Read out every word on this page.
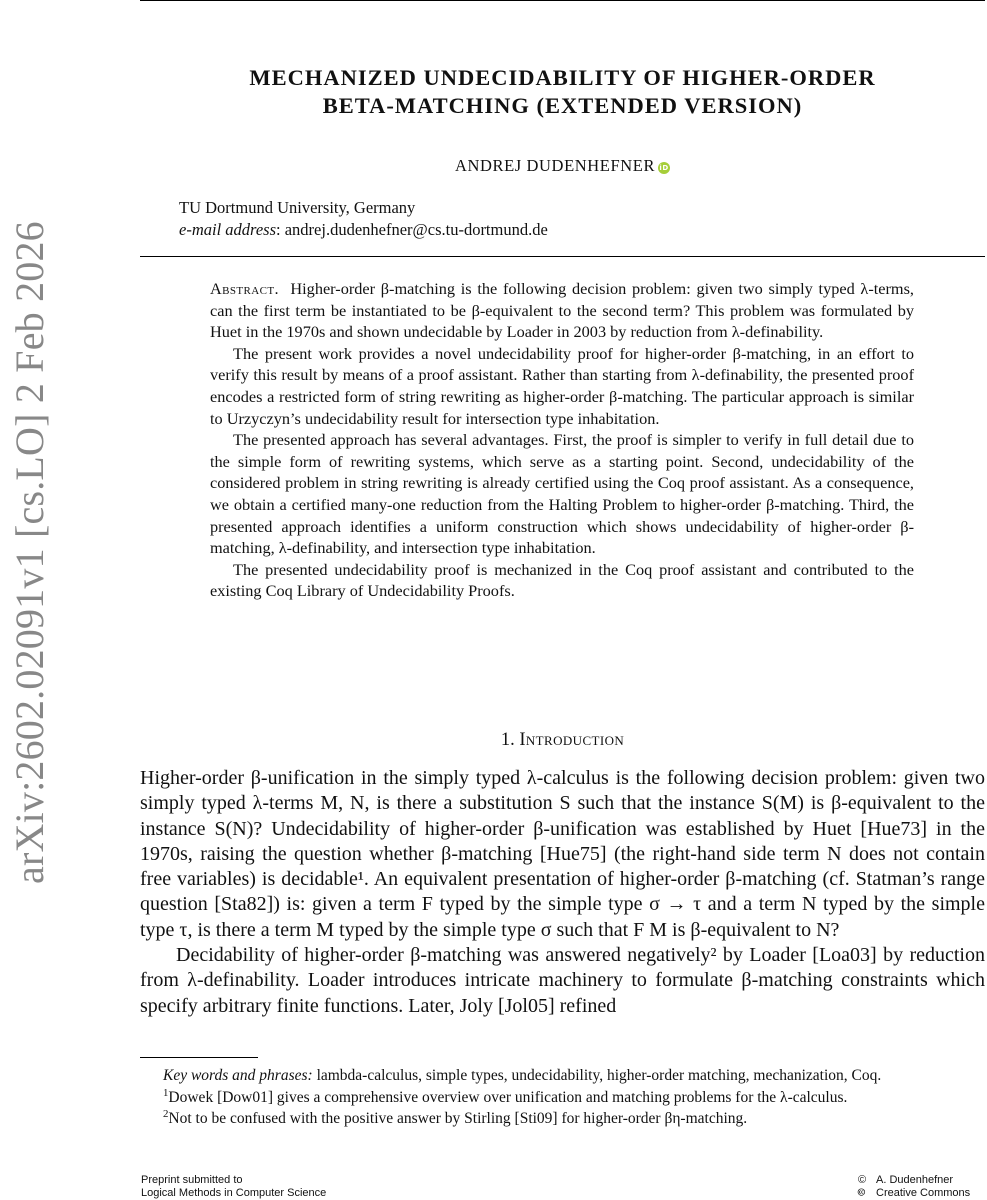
arXiv:2602.02091v1 [cs.LO] 2 Feb 2026
MECHANIZED UNDECIDABILITY OF HIGHER-ORDER
BETA-MATCHING (EXTENDED VERSION)
ANDREJ DUDENHEFNER iD
TU Dortmund University, Germany
e-mail address: andrej.dudenhefner@cs.tu-dortmund.de

Abstract. Higher-order β-matching is the following decision problem: given two simply typed λ-terms, can the first term be instantiated to be β-equivalent to the second term? This problem was formulated by Huet in the 1970s and shown undecidable by Loader in 2003 by reduction from λ-definability.

The present work provides a novel undecidability proof for higher-order β-matching, in an effort to verify this result by means of a proof assistant. Rather than starting from λ-definability, the presented proof encodes a restricted form of string rewriting as higher-order β-matching. The particular approach is similar to Urzyczyn’s undecidability result for intersection type inhabitation.

The presented approach has several advantages. First, the proof is simpler to verify in full detail due to the simple form of rewriting systems, which serve as a starting point. Second, undecidability of the considered problem in string rewriting is already certified using the Coq proof assistant. As a consequence, we obtain a certified many-one reduction from the Halting Problem to higher-order β-matching. Third, the presented approach identifies a uniform construction which shows undecidability of higher-order β-matching, λ-definability, and intersection type inhabitation.

The presented undecidability proof is mechanized in the Coq proof assistant and contributed to the existing Coq Library of Undecidability Proofs.

1. Introduction

Higher-order β-unification in the simply typed λ-calculus is the following decision problem: given two simply typed λ-terms M, N, is there a substitution S such that the instance S(M) is β-equivalent to the instance S(N)? Undecidability of higher-order β-unification was established by Huet [Hue73] in the 1970s, raising the question whether β-matching [Hue75] (the right-hand side term N does not contain free variables) is decidable¹. An equivalent presentation of higher-order β-matching (cf. Statman’s range question [Sta82]) is: given a term F typed by the simple type σ → τ and a term N typed by the simple type τ, is there a term M typed by the simple type σ such that F M is β-equivalent to N?

Decidability of higher-order β-matching was answered negatively² by Loader [Loa03] by reduction from λ-definability. Loader introduces intricate machinery to formulate β-matching constraints which specify arbitrary finite functions. Later, Joly [Jol05] refined

Key words and phrases: lambda-calculus, simple types, undecidability, higher-order matching, mechanization, Coq.

$^1$Dowek [Dow01] gives a comprehensive overview over unification and matching problems for the λ-calculus.

$^2$Not to be confused with the positive answer by Stirling [Sti09] for higher-order βη-matching.

Preprint submitted to
Logical Methods in Computer Science
© A. Dudenhefner
🅭 Creative Commons
